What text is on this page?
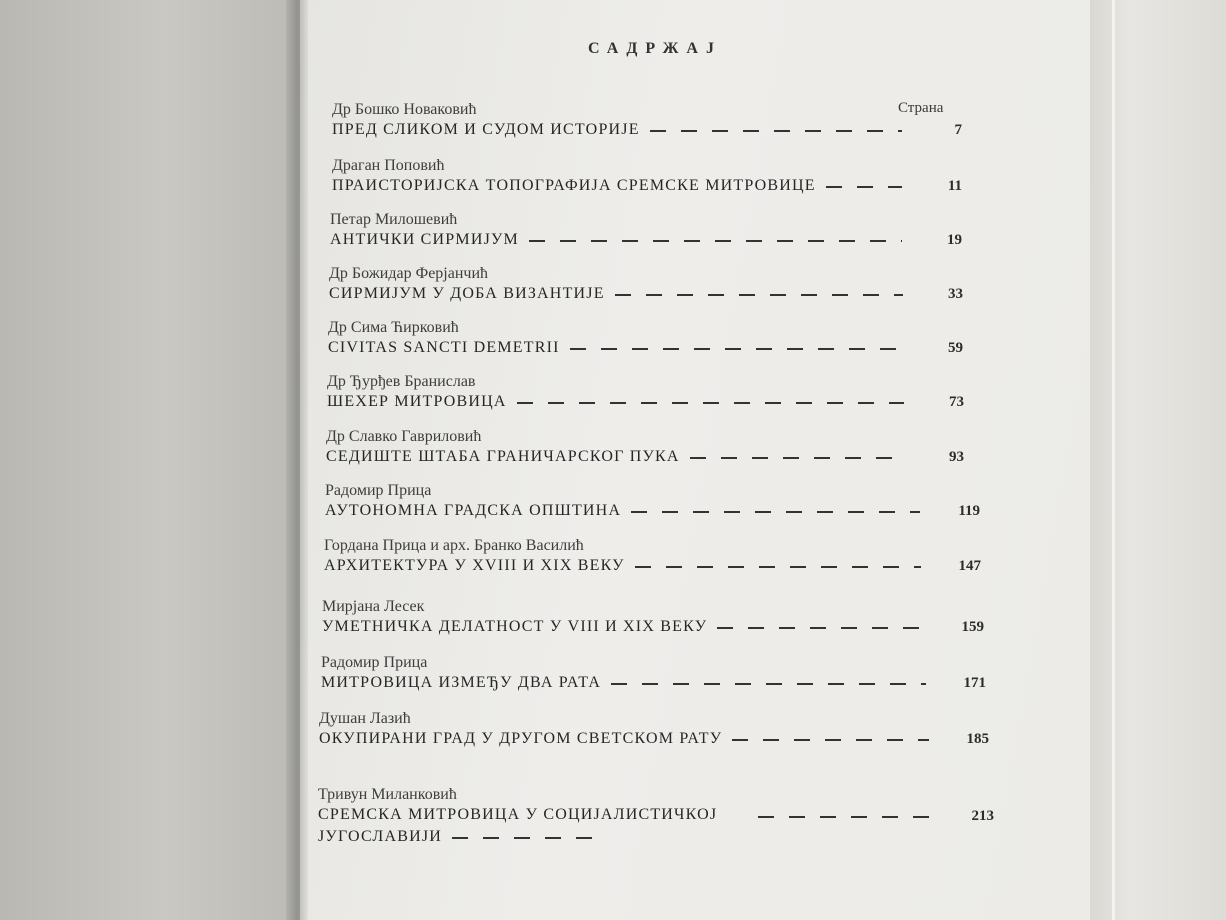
САДРЖАЈ
Страна
Др Бошко Новаковић
ПРЕД СЛИКОМ И СУДОМ ИСТОРИЈЕ	7
Драган Поповић
ПРАИСТОРИЈСКА ТОПОГРАФИЈА СРЕМСКЕ МИТРОВИЦЕ	11
Петар Милошевић
АНТИЧКИ СИРМИЈУМ	19
Др Божидар Ферјанчић
СИРМИЈУМ У ДОБА ВИЗАНТИЈЕ	33
Др Сима Ћирковић
CIVITAS SANCTI DEMETRII	59
Др Ђурђев Бранислав
ШЕХЕР МИТРОВИЦА	73
Др Славко Гавриловић
СЕДИШТЕ ШТАБА ГРАНИЧАРСКОГ ПУКА	93
Радомир Прица
АУТОНОМНА ГРАДСКА ОПШТИНА	119
Гордана Прица и арх. Бранко Василић
АРХИТЕКТУРА У XVIII И XIX ВЕКУ	147
Мирјана Лесек
УМЕТНИЧКА ДЕЛАТНОСТ У VIII И XIX ВЕКУ	159
Радомир Прица
МИТРОВИЦА ИЗМЕЂУ ДВА РАТА	171
Душан Лазић
ОКУПИРАНИ ГРАД У ДРУГОМ СВЕТСКОМ РАТУ	185
Тривун Миланковић
СРЕМСКА МИТРОВИЦА У СОЦИЈАЛИСТИЧКОЈ	213
ЈУГОСЛАВИЈИ
